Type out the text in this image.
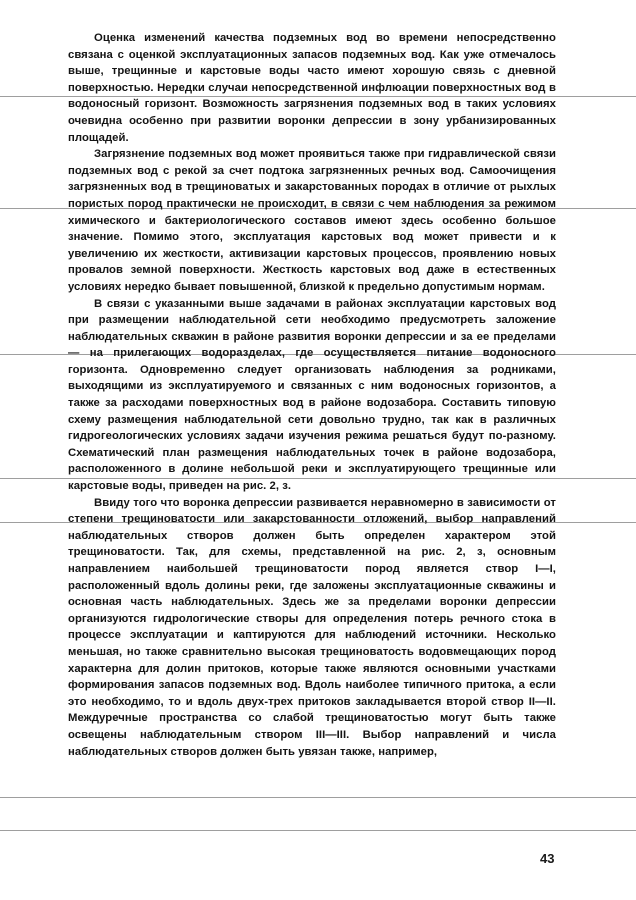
Оценка изменений качества подземных вод во времени непосредственно связана с оценкой эксплуатационных запасов подземных вод. Как уже отмечалось выше, трещинные и карстовые воды часто имеют хорошую связь с дневной поверхностью. Нередки случаи непосредственной инфлюации поверхностных вод в водоносный горизонт. Возможность загрязнения подземных вод в таких условиях очевидна особенно при развитии воронки депрессии в зону урбанизированных площадей.

Загрязнение подземных вод может проявиться также при гидравлической связи подземных вод с рекой за счет подтока загрязненных речных вод. Самоочищения загрязненных вод в трещиноватых и закарстованных породах в отличие от рыхлых пористых пород практически не происходит, в связи с чем наблюдения за режимом химического и бактериологического составов имеют здесь особенно большое значение. Помимо этого, эксплуатация карстовых вод может привести и к увеличению их жесткости, активизации карстовых процессов, проявлению новых провалов земной поверхности. Жесткость карстовых вод даже в естественных условиях нередко бывает повышенной, близкой к предельно допустимым нормам.

В связи с указанными выше задачами в районах эксплуатации карстовых вод при размещении наблюдательной сети необходимо предусмотреть заложение наблюдательных скважин в районе развития воронки депрессии и за ее пределами — на прилегающих водоразделах, где осуществляется питание водоносного горизонта. Одновременно следует организовать наблюдения за родниками, выходящими из эксплуатируемого и связанных с ним водоносных горизонтов, а также за расходами поверхностных вод в районе водозабора. Составить типовую схему размещения наблюдательной сети довольно трудно, так как в различных гидрогеологических условиях задачи изучения режима решаться будут по-разному. Схематический план размещения наблюдательных точек в районе водозабора, расположенного в долине небольшой реки и эксплуатирующего трещинные или карстовые воды, приведен на рис. 2, з.

Ввиду того что воронка депрессии развивается неравномерно в зависимости от степени трещиноватости или закарстованности отложений, выбор направлений наблюдательных створов должен быть определен характером этой трещиноватости. Так, для схемы, представленной на рис. 2, з, основным направлением наибольшей трещиноватости пород является створ I—I, расположенный вдоль долины реки, где заложены эксплуатационные скважины и основная часть наблюдательных. Здесь же за пределами воронки депрессии организуются гидрологические створы для определения потерь речного стока в процессе эксплуатации и каптируются для наблюдений источники. Несколько меньшая, но также сравнительно высокая трещиноватость водовмещающих пород характерна для долин притоков, которые также являются основными участками формирования запасов подземных вод. Вдоль наиболее типичного притока, а если это необходимо, то и вдоль двух-трех притоков закладывается второй створ II—II. Междуречные пространства со слабой трещиноватостью могут быть также освещены наблюдательным створом III—III. Выбор направлений и числа наблюдательных створов должен быть увязан также, например,

43
